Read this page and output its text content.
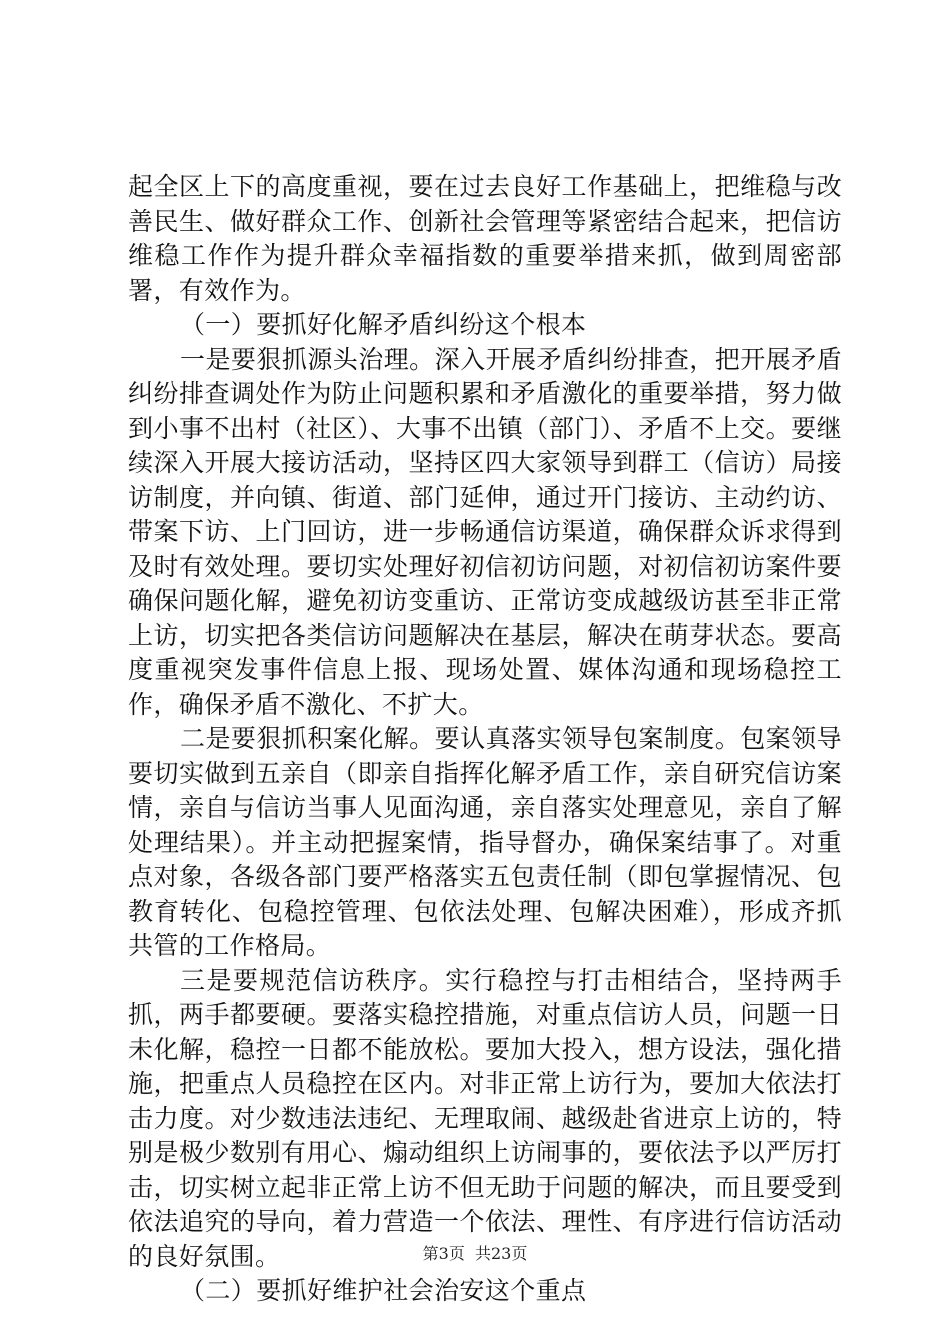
起全区上下的高度重视，要在过去良好工作基础上，把维稳与改善民生、做好群众工作、创新社会管理等紧密结合起来，把信访维稳工作作为提升群众幸福指数的重要举措来抓，做到周密部署，有效作为。

（一）要抓好化解矛盾纠纷这个根本

一是要狠抓源头治理。深入开展矛盾纠纷排查，把开展矛盾纠纷排查调处作为防止问题积累和矛盾激化的重要举措，努力做到小事不出村（社区）、大事不出镇（部门）、矛盾不上交。要继续深入开展大接访活动，坚持区四大家领导到群工（信访）局接访制度，并向镇、街道、部门延伸，通过开门接访、主动约访、带案下访、上门回访，进一步畅通信访渠道，确保群众诉求得到及时有效处理。要切实处理好初信初访问题，对初信初访案件要确保问题化解，避免初访变重访、正常访变成越级访甚至非正常上访，切实把各类信访问题解决在基层，解决在萌芽状态。要高度重视突发事件信息上报、现场处置、媒体沟通和现场稳控工作，确保矛盾不激化、不扩大。

二是要狠抓积案化解。要认真落实领导包案制度。包案领导要切实做到五亲自（即亲自指挥化解矛盾工作，亲自研究信访案情，亲自与信访当事人见面沟通，亲自落实处理意见，亲自了解处理结果）。并主动把握案情，指导督办，确保案结事了。对重点对象，各级各部门要严格落实五包责任制（即包掌握情况、包教育转化、包稳控管理、包依法处理、包解决困难），形成齐抓共管的工作格局。

三是要规范信访秩序。实行稳控与打击相结合，坚持两手抓，两手都要硬。要落实稳控措施，对重点信访人员，问题一日未化解，稳控一日都不能放松。要加大投入，想方设法，强化措施，把重点人员稳控在区内。对非正常上访行为，要加大依法打击力度。对少数违法违纪、无理取闹、越级赴省进京上访的，特别是极少数别有用心、煽动组织上访闹事的，要依法予以严厉打击，切实树立起非正常上访不但无助于问题的解决，而且要受到依法追究的导向，着力营造一个依法、理性、有序进行信访活动的良好氛围。

（二）要抓好维护社会治安这个重点

第3页  共23页
